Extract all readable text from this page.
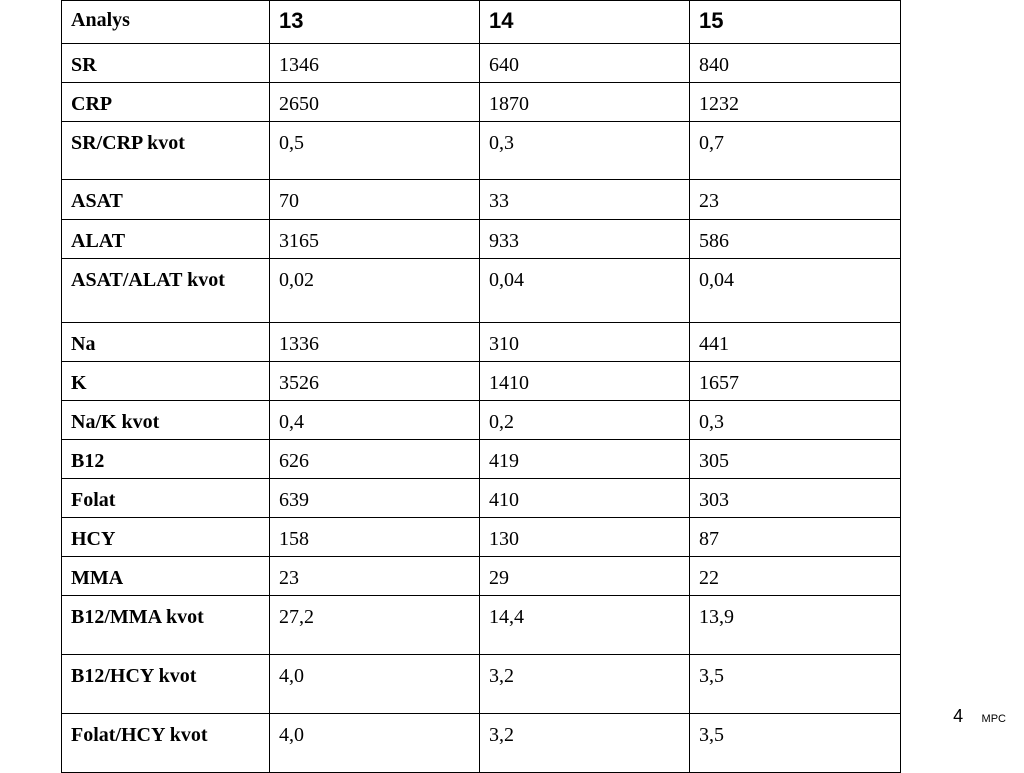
Analys	13	14	15

SR	1346	640	840

CRP	2650	1870	1232

SR/CRP kvot	0,5	0,3	0,7

ASAT	70	33	23

ALAT	3165	933	586

ASAT/ALAT kvot	0,02	0,04	0,04

Na	1336	310	441

K	3526	1410	1657

Na/K kvot	0,4	0,2	0,3

B12	626	419	305

Folat	639	410	303

HCY	158	130	87

MMA	23	29	22

B12/MMA kvot	27,2	14,4	13,9

B12/HCY kvot	4,0	3,2	3,5

Folat/HCY kvot	4,0	3,2	3,5
4 MPC
